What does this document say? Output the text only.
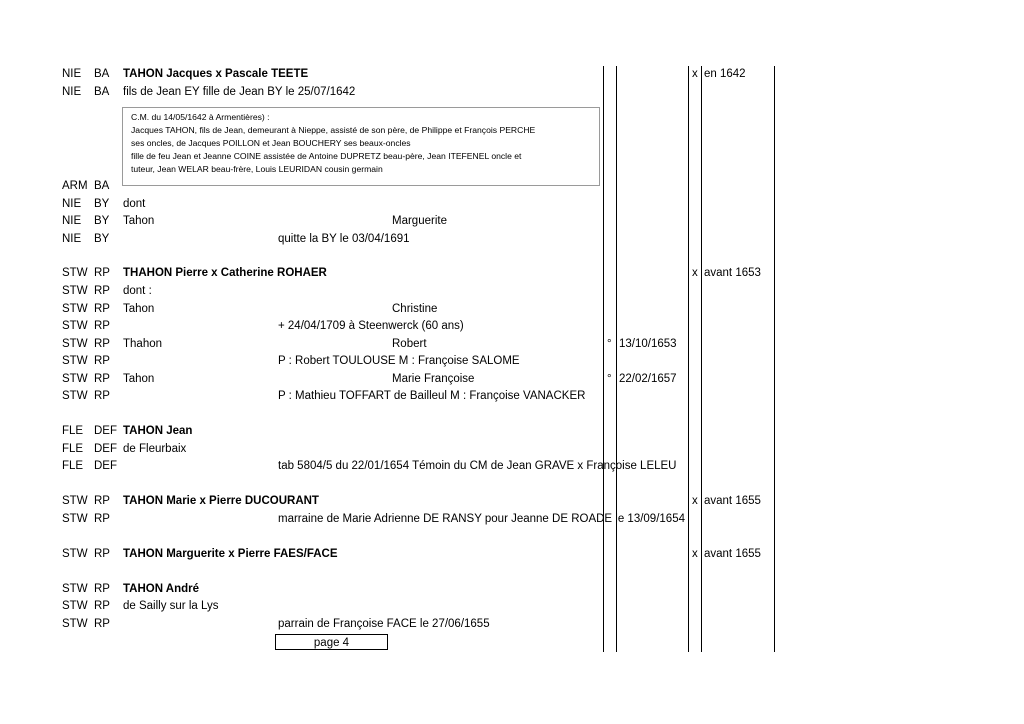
NIE BA TAHON Jacques x Pascale TEETE	x en 1642
NIE BA fils de Jean EY fille de Jean BY le 25/07/1642
ARM BA
NIE BY dont
NIE BY Tahon	Marguerite
NIE BY	quitte la BY le 03/04/1691
STW RP THAHON Pierre x Catherine ROHAER	x avant 1653
STW RP dont :
STW RP Tahon	Christine
STW RP	+ 24/04/1709 à Steenwerck (60 ans)
STW RP Thahon	Robert	° 13/10/1653
STW RP	P : Robert TOULOUSE M : Françoise SALOME
STW RP Tahon	Marie Françoise	° 22/02/1657
STW RP	P : Mathieu TOFFART de Bailleul M : Françoise VANACKER
FLE DEF TAHON Jean
FLE DEF de Fleurbaix
FLE DEF	tab 5804/5 du 22/01/1654 Témoin du CM de Jean GRAVE x Françoise LELEU
STW RP TAHON Marie x Pierre DUCOURANT	x avant 1655
STW RP	marraine de Marie Adrienne DE RANSY pour Jeanne DE ROADE le 13/09/1654
STW RP TAHON Marguerite x Pierre FAES/FACE	x avant 1655
STW RP TAHON André
STW RP de Sailly sur la Lys
STW RP	parrain de Françoise FACE le 27/06/1655
C.M. du 14/05/1642 à Armentières) :
Jacques TAHON, fils de Jean, demeurant à Nieppe, assisté de son père, de Philippe et François PERCHE
ses oncles, de Jacques POILLON et Jean BOUCHERY ses beaux-oncles
fille de feu Jean et Jeanne COINE assistée de Antoine DUPRETZ beau-père, Jean ITEFENEL oncle et
tuteur, Jean WELAR beau-frère, Louis LEURIDAN cousin germain
page 4
